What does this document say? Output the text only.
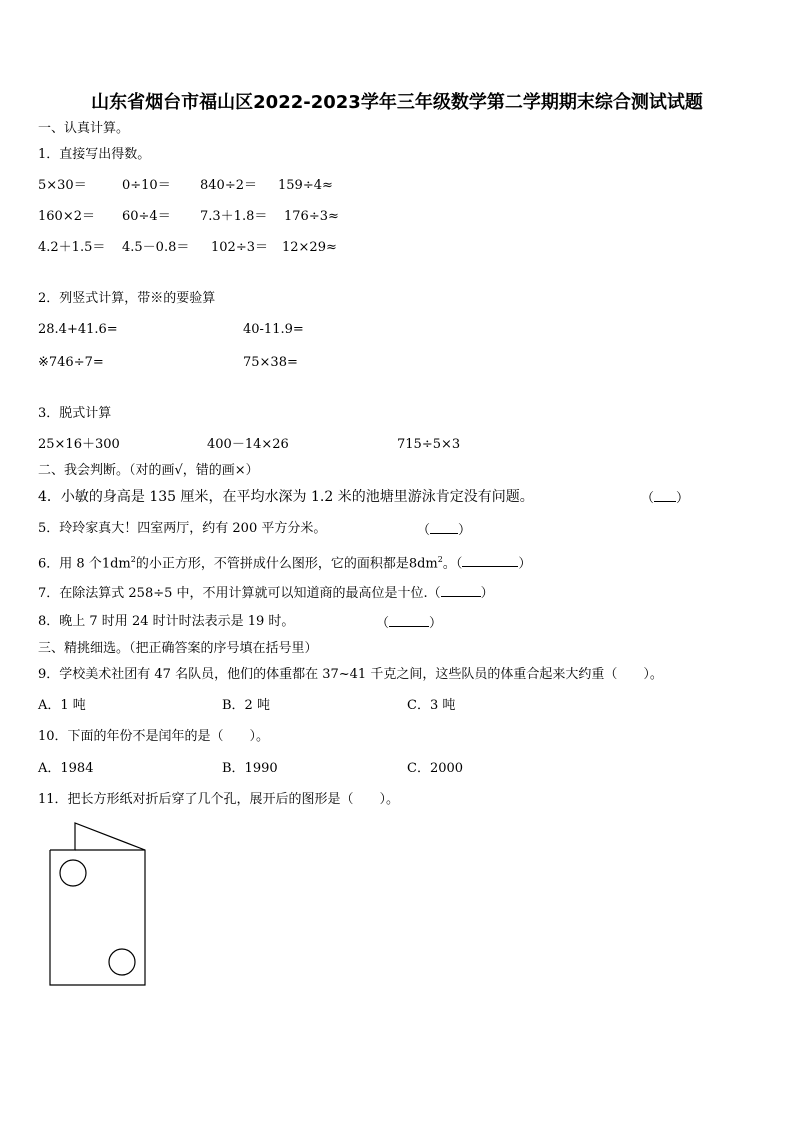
山东省烟台市福山区2022-2023学年三年级数学第二学期期末综合测试试题
一、认真计算。
1．直接写出得数。
5×30＝	0÷10＝ 840÷2＝ 159÷4≈
160×2＝ 60÷4＝ 7.3＋1.8＝ 176÷3≈
4.2＋1.5＝ 4.5－0.8＝ 102÷3＝ 12×29≈
2．列竖式计算，带※的要验算
28.4+41.6=	40-11.9=
※746÷7=	75×38=
3．脱式计算
25×16＋300	400－14×26	715÷5×3
二、我会判断。（对的画√，错的画×）
4．小敏的身高是 135 厘米，在平均水深为 1.2 米的池塘里游泳肯定没有问题。	（ ）
5．玲玲家真大！四室两厅，约有 200 平方分米。	（ ）
6．用 8 个$1dm^2$的小正方形，不管拼成什么图形，它的面积都是$8dm^2$。（	）
7．在除法算式 258÷5 中，不用计算就可以知道商的最高位是十位.（	）
8．晚上 7 时用 24 时计时法表示是 19 时。	（	）
三、精挑细选。（把正确答案的序号填在括号里）
9．学校美术社团有 47 名队员，他们的体重都在 37~41 千克之间，这些队员的体重合起来大约重（　　）。
A．1 吨	B．2 吨	C．3 吨
10．下面的年份不是闰年的是（　　）。
A．1984	B．1990	C．2000
11．把长方形纸对折后穿了几个孔，展开后的图形是（　　）。
